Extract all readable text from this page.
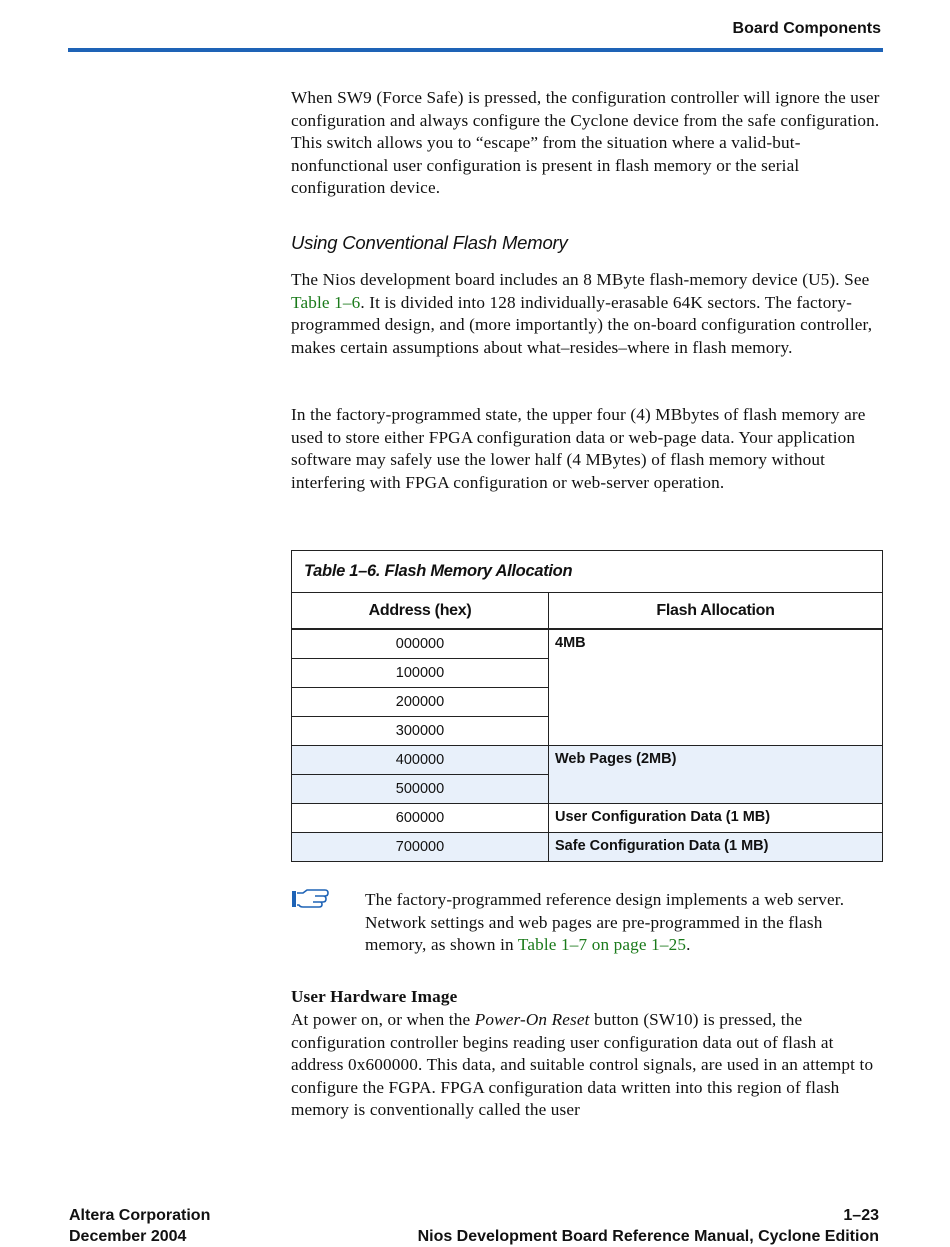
Board Components

When SW9 (Force Safe) is pressed, the configuration controller will ignore the user configuration and always configure the Cyclone device from the safe configuration. This switch allows you to “escape” from the situation where a valid-but-nonfunctional user configuration is present in flash memory or the serial configuration device.

Using Conventional Flash Memory

The Nios development board includes an 8 MByte flash-memory device (U5). See Table 1–6. It is divided into 128 individually-erasable 64K sectors. The factory-programmed design, and (more importantly) the on-board configuration controller, makes certain assumptions about what–resides–where in flash memory.

In the factory-programmed state, the upper four (4) MBbytes of flash memory are used to store either FPGA configuration data or web-page data. Your application software may safely use the lower half (4 MBytes) of flash memory without interfering with FPGA configuration or web-server operation.

Table 1–6. Flash Memory Allocation	
Address (hex)	Flash Allocation
000000	4MB
100000	
200000	
300000	
400000	Web Pages (2MB)
500000	
600000	User Configuration Data (1 MB)
700000	Safe Configuration Data (1 MB)

The factory-programmed reference design implements a web server. Network settings and web pages are pre-programmed in the flash memory, as shown in Table 1–7 on page 1–25.

User Hardware Image

At power on, or when the Power-On Reset button (SW10) is pressed, the configuration controller begins reading user configuration data out of flash at address 0x600000. This data, and suitable control signals, are used in an attempt to configure the FGPA. FPGA configuration data written into this region of flash memory is conventionally called the user

Altera Corporation
December 2004
1–23
Nios Development Board Reference Manual, Cyclone Edition
